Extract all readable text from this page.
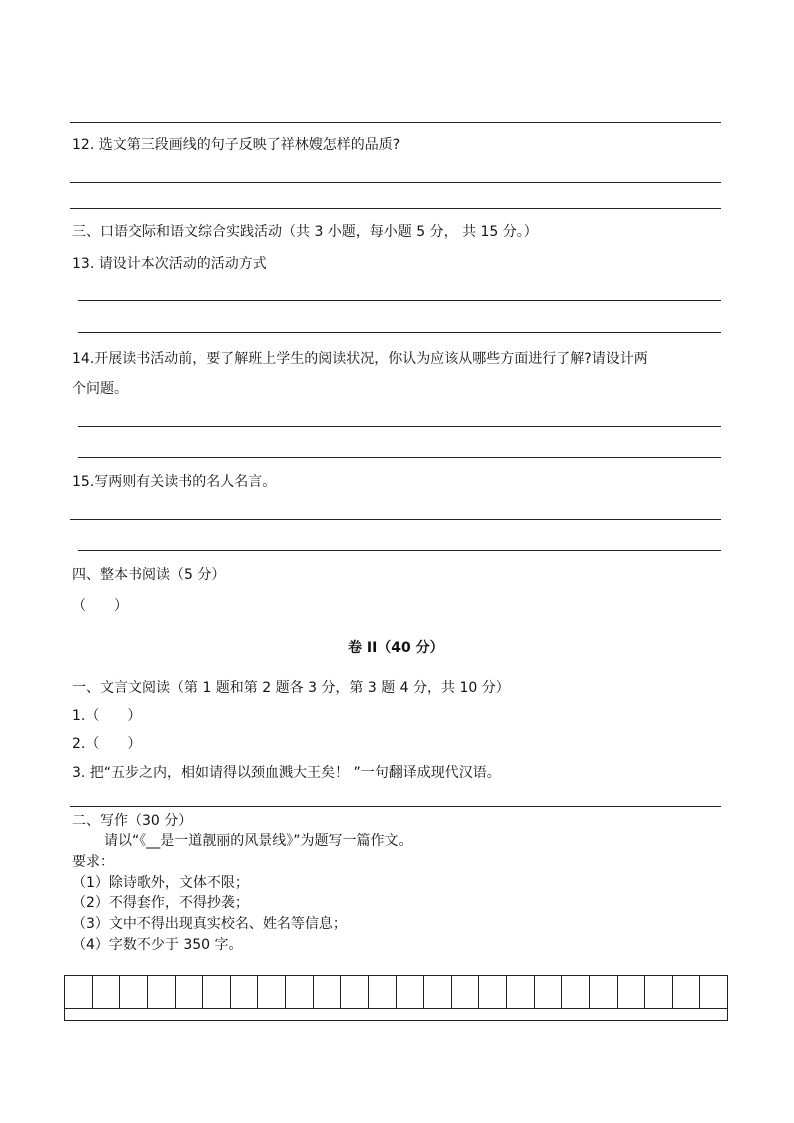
12. 选文第三段画线的句子反映了祥林嫂怎样的品质?
三、口语交际和语文综合实践活动（共 3 小题，每小题 5 分， 共 15 分。）
13. 请设计本次活动的活动方式
14.开展读书活动前，要了解班上学生的阅读状况，你认为应该从哪些方面进行了解?请设计两
个问题。
15.写两则有关读书的名人名言。
四、整本书阅读（5 分）
（　　）
卷 II（40 分）
一、文言文阅读（第 1 题和第 2 题各 3 分，第 3 题 4 分，共 10 分）
1.（　　）
2.（　　）
3. 把“五步之内，相如请得以颈血溅大王矣！ ”一句翻译成现代汉语。
二、写作（30 分）
请以“《__是一道靓丽的风景线》”为题写一篇作文。
要求：
（1）除诗歌外，文体不限；
（2）不得套作，不得抄袭；
（3）文中不得出现真实校名、姓名等信息；
（4）字数不少于 350 字。
